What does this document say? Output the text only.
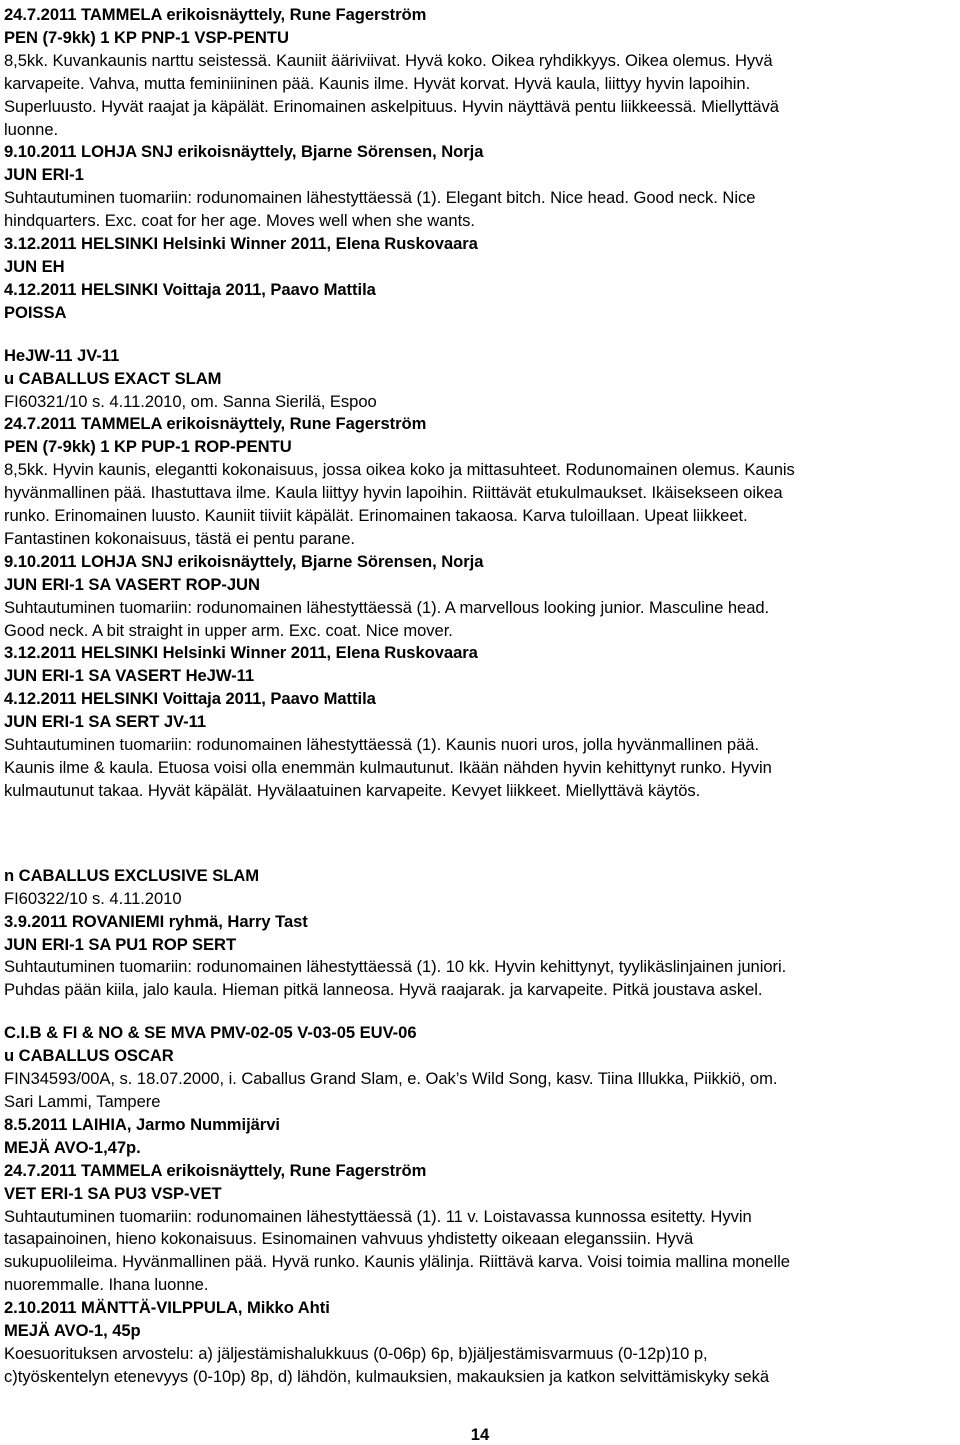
24.7.2011 TAMMELA erikoisnäyttely, Rune Fagerström
PEN (7-9kk) 1 KP PNP-1 VSP-PENTU
8,5kk. Kuvankaunis narttu seistessä. Kauniit ääriviivat. Hyvä koko. Oikea ryhdikkyys. Oikea olemus. Hyvä
karvapeite. Vahva, mutta feminiininen pää. Kaunis ilme. Hyvät korvat. Hyvä kaula, liittyy hyvin lapoihin.
Superluusto. Hyvät raajat ja käpälät. Erinomainen askelpituus. Hyvin näyttävä pentu liikkeessä. Miellyttävä
luonne.
9.10.2011 LOHJA SNJ erikoisnäyttely, Bjarne Sörensen, Norja
JUN ERI-1
Suhtautuminen tuomariin: rodunomainen lähestyttäessä (1). Elegant bitch. Nice head. Good neck. Nice
hindquarters. Exc. coat for her age. Moves well when she wants.
3.12.2011 HELSINKI Helsinki Winner 2011, Elena Ruskovaara
JUN EH
4.12.2011 HELSINKI Voittaja 2011, Paavo Mattila
POISSA
HeJW-11 JV-11
u CABALLUS EXACT SLAM
FI60321/10 s. 4.11.2010, om. Sanna Sierilä, Espoo
24.7.2011 TAMMELA erikoisnäyttely, Rune Fagerström
PEN (7-9kk) 1 KP PUP-1 ROP-PENTU
8,5kk. Hyvin kaunis, elegantti kokonaisuus, jossa oikea koko ja mittasuhteet. Rodunomainen olemus. Kaunis
hyvänmallinen pää. Ihastuttava ilme. Kaula liittyy hyvin lapoihin. Riittävät etukulmaukset. Ikäisekseen oikea
runko. Erinomainen luusto. Kauniit tiiviit käpälät. Erinomainen takaosa. Karva tuloillaan. Upeat liikkeet.
Fantastinen kokonaisuus, tästä ei pentu parane.
9.10.2011 LOHJA SNJ erikoisnäyttely, Bjarne Sörensen, Norja
JUN ERI-1 SA VASERT ROP-JUN
Suhtautuminen tuomariin: rodunomainen lähestyttäessä (1). A marvellous looking junior. Masculine head.
Good neck. A bit straight in upper arm. Exc. coat. Nice mover.
3.12.2011 HELSINKI Helsinki Winner 2011, Elena Ruskovaara
JUN ERI-1 SA VASERT HeJW-11
4.12.2011 HELSINKI Voittaja 2011, Paavo Mattila
JUN ERI-1 SA SERT JV-11
Suhtautuminen tuomariin: rodunomainen lähestyttäessä (1). Kaunis nuori uros, jolla hyvänmallinen pää.
Kaunis ilme & kaula. Etuosa voisi olla enemmän kulmautunut. Ikään nähden hyvin kehittynyt runko. Hyvin
kulmautunut takaa. Hyvät käpälät. Hyvälaatuinen karvapeite. Kevyet liikkeet. Miellyttävä käytös.
n CABALLUS EXCLUSIVE SLAM
FI60322/10 s. 4.11.2010
3.9.2011 ROVANIEMI ryhmä, Harry Tast
JUN ERI-1 SA PU1 ROP SERT
Suhtautuminen tuomariin: rodunomainen lähestyttäessä (1). 10 kk. Hyvin kehittynyt, tyylikäslinjainen juniori.
Puhdas pään kiila, jalo kaula. Hieman pitkä lanneosa. Hyvä raajarak. ja karvapeite. Pitkä joustava askel.
C.I.B & FI & NO & SE MVA PMV-02-05 V-03-05 EUV-06
u CABALLUS OSCAR
FIN34593/00A, s. 18.07.2000, i. Caballus Grand Slam, e. Oak’s Wild Song, kasv. Tiina Illukka, Piikkiö, om.
Sari Lammi, Tampere
8.5.2011 LAIHIA, Jarmo Nummijärvi
MEJÄ AVO-1,47p.
24.7.2011 TAMMELA erikoisnäyttely, Rune Fagerström
VET ERI-1 SA PU3 VSP-VET
Suhtautuminen tuomariin: rodunomainen lähestyttäessä (1). 11 v. Loistavassa kunnossa esitetty. Hyvin
tasapainoinen, hieno kokonaisuus. Esinomainen vahvuus yhdistetty oikeaan eleganssiin. Hyvä
sukupuolileima. Hyvänmallinen pää. Hyvä runko. Kaunis ylälinja. Riittävä karva. Voisi toimia mallina monelle
nuoremmalle. Ihana luonne.
2.10.2011 MÄNTTÄ-VILPPULA, Mikko Ahti
MEJÄ AVO-1, 45p
Koesuorituksen arvostelu: a) jäljestämishalukkuus (0-06p) 6p, b)jäljestämisvarmuus (0-12p)10 p,
c)työskentelyn etenevyys (0-10p) 8p, d) lähdön, kulmauksien, makauksien ja katkon selvittämiskyky sekä
14
